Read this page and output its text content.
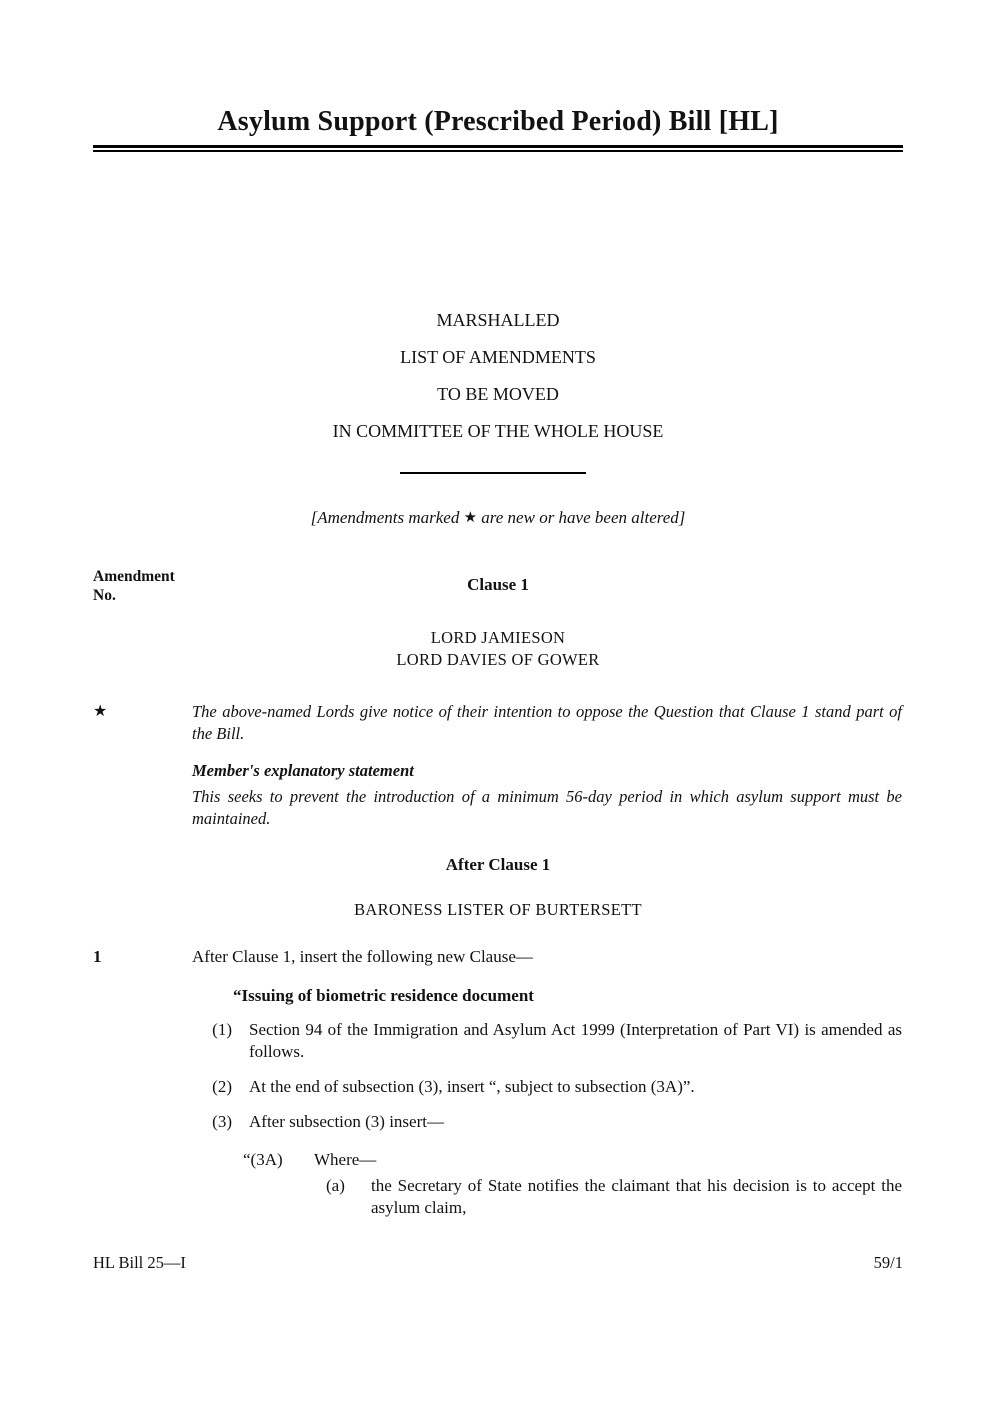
Asylum Support (Prescribed Period) Bill [HL]
MARSHALLED
LIST OF AMENDMENTS
TO BE MOVED
IN COMMITTEE OF THE WHOLE HOUSE
[Amendments marked ★ are new or have been altered]
Amendment
No.
Clause 1
LORD JAMIESON
LORD DAVIES OF GOWER
★	The above-named Lords give notice of their intention to oppose the Question that Clause 1 stand part of the Bill.
Member's explanatory statement
This seeks to prevent the introduction of a minimum 56-day period in which asylum support must be maintained.
After Clause 1
BARONESS LISTER OF BURTERSETT
1	After Clause 1, insert the following new Clause—
“Issuing of biometric residence document
(1) Section 94 of the Immigration and Asylum Act 1999 (Interpretation of Part VI) is amended as follows.
(2) At the end of subsection (3), insert “, subject to subsection (3A)”.
(3) After subsection (3) insert—
“(3A)	Where—
(a) the Secretary of State notifies the claimant that his decision is to accept the asylum claim,
HL Bill 25—I	59/1
